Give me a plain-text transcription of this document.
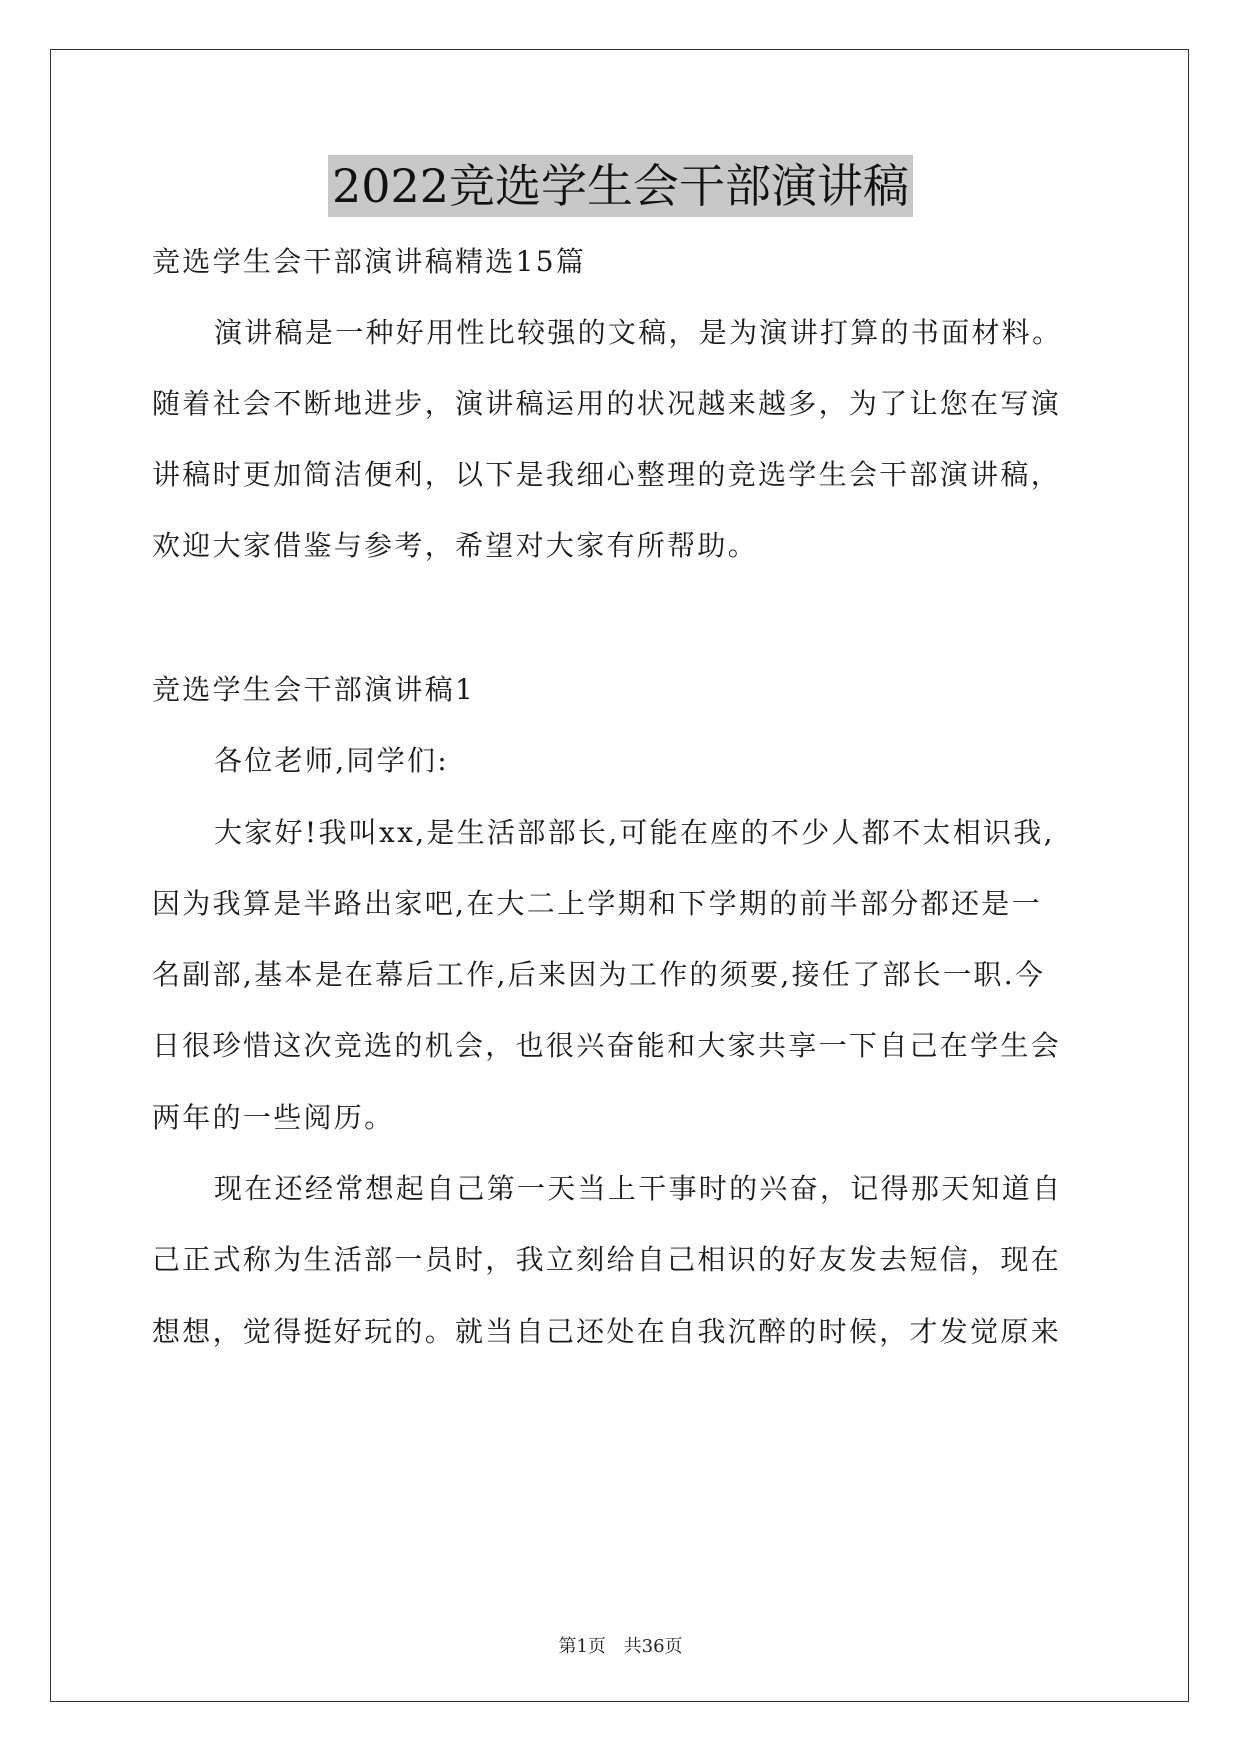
2022竞选学生会干部演讲稿
竞选学生会干部演讲稿精选15篇
演讲稿是一种好用性比较强的文稿，是为演讲打算的书面材料。
随着社会不断地进步，演讲稿运用的状况越来越多，为了让您在写演
讲稿时更加简洁便利，以下是我细心整理的竞选学生会干部演讲稿，
欢迎大家借鉴与参考，希望对大家有所帮助。
竞选学生会干部演讲稿1
各位老师,同学们:
大家好!我叫xx,是生活部部长,可能在座的不少人都不太相识我,
因为我算是半路出家吧,在大二上学期和下学期的前半部分都还是一
名副部,基本是在幕后工作,后来因为工作的须要,接任了部长一职.今
日很珍惜这次竞选的机会，也很兴奋能和大家共享一下自己在学生会
两年的一些阅历。
现在还经常想起自己第一天当上干事时的兴奋，记得那天知道自
己正式称为生活部一员时，我立刻给自己相识的好友发去短信，现在
想想，觉得挺好玩的。就当自己还处在自我沉醉的时候，才发觉原来
第1页 共36页
